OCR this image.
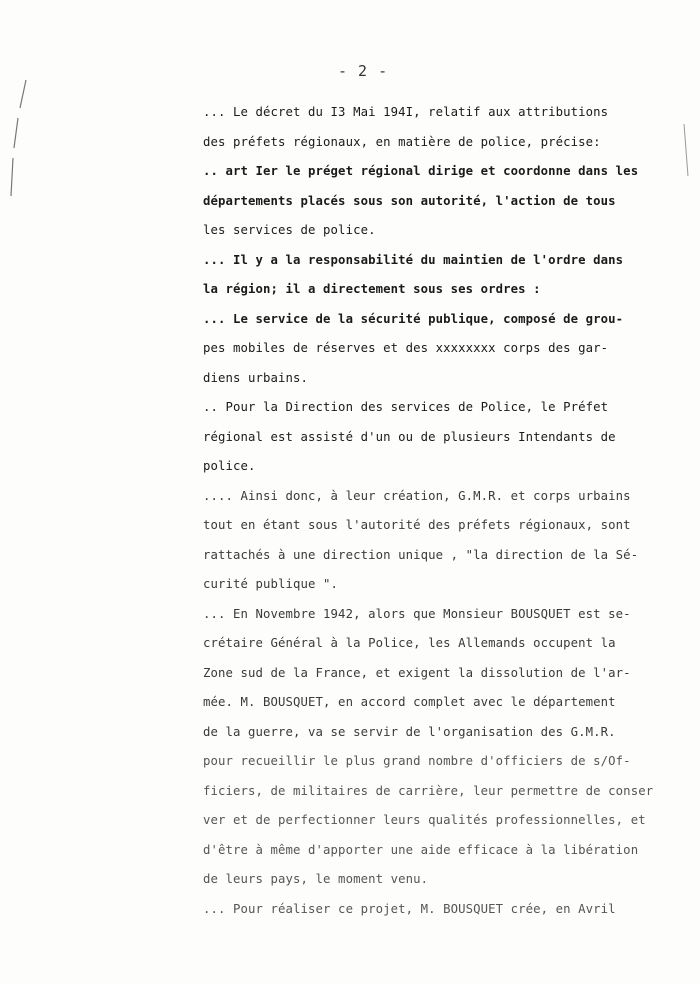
- 2 -
... Le décret du I3 Mai 194I, relatif aux attributions
des préfets régionaux, en matière de police, précise:
.. art Ier le préget régional dirige et coordonne dans les
départements placés sous son autorité, l'action de tous
les services de police.
... Il y a la responsabilité du maintien de l'ordre dans
la région; il a directement sous ses ordres :
... Le service de la sécurité publique, composé de grou-
pes mobiles de réserves et des xxxxxxxx corps des gar-
diens urbains.
.. Pour la Direction des services de Police, le Préfet
régional est assisté d'un ou de plusieurs Intendants de
police.
.... Ainsi donc, à leur création, G.M.R. et corps urbains
tout en étant sous l'autorité des préfets régionaux, sont
rattachés à une direction unique , "la direction de la Sé-
curité publique ".
... En Novembre 1942, alors que Monsieur BOUSQUET est se-
crétaire Général à la Police, les Allemands occupent la
Zone sud de la France, et exigent la dissolution de l'ar-
mée. M. BOUSQUET, en accord complet avec le département
de la guerre, va se servir de l'organisation des G.M.R.
pour recueillir le plus grand nombre d'officiers de s/Of-
ficiers, de militaires de carrière, leur permettre de conser
ver et de perfectionner leurs qualités professionnelles, et
d'être à même d'apporter une aide efficace à la libération
de leurs pays, le moment venu.
... Pour réaliser ce projet, M. BOUSQUET crée, en Avril
